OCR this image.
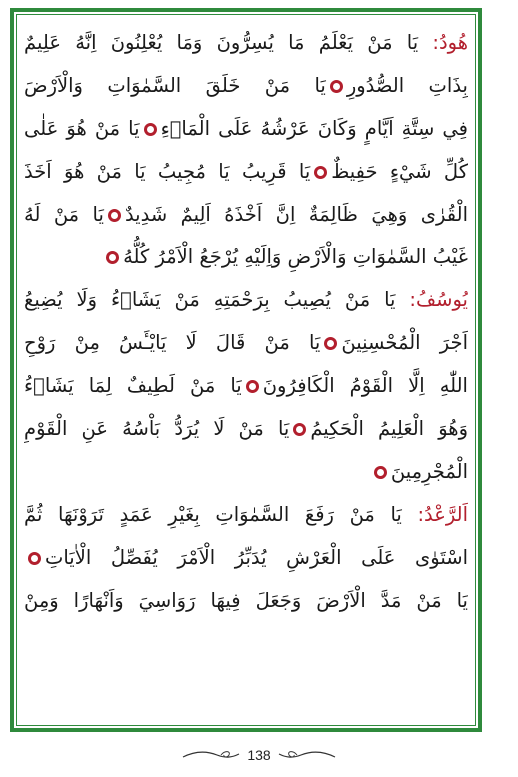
هُودُ: يَا مَنْ يَعْلَمُ مَا يُسِرُّونَ وَمَا يُعْلِنُونَ اِنَّهُ عَلِيمٌ
بِذَاتِ الصُّدُورِيَا مَنْ خَلَقَ السَّمٰوَاتِ وَالْاَرْضَ
فِي سِتَّةِ اَيَّامٍ وَكَانَ عَرْشُهُ عَلَى الْمَاۤءِيَا مَنْ هُوَ عَلٰى
كُلِّ شَيْءٍ حَفِيظٌيَا قَرِيبُ يَا مُجِيبُ يَا مَنْ هُوَ اَخَذَ
الْقُرٰى وَهِيَ ظَالِمَةٌ اِنَّ اَخْذَهُ اَلِيمٌ شَدِيدٌيَا مَنْ لَهُ
غَيْبُ السَّمٰوَاتِ وَالْاَرْضِ وَاِلَيْهِ يُرْجَعُ الْاَمْرُ كُلُّهُ
يُوسُفُ: يَا مَنْ يُصِيبُ بِرَحْمَتِهِ مَنْ يَشَاۤءُ وَلَا يُضِيعُ
اَجْرَ الْمُحْسِنِينَيَا مَنْ قَالَ لَا يَايْـَٔسُ مِنْ رَوْحِ
اللّٰهِ اِلَّا الْقَوْمُ الْكَافِرُونَيَا مَنْ لَطِيفٌ لِمَا يَشَاۤءُ
وَهُوَ الْعَلِيمُ الْحَكِيمُيَا مَنْ لَا يُرَدُّ بَاْسُهُ عَنِ الْقَوْمِ
الْمُجْرِمِينَ
اَلرَّعْدُ: يَا مَنْ رَفَعَ السَّمٰوَاتِ بِغَيْرِ عَمَدٍ تَرَوْنَهَا ثُمَّ
اسْتَوٰى عَلَى الْعَرْشِ يُدَبِّرُ الْاَمْرَ يُفَصِّلُ الْاٰيَاتِ
يَا مَنْ مَدَّ الْاَرْضَ وَجَعَلَ فِيهَا رَوَاسِيَ وَاَنْهَارًا وَمِنْ
138
